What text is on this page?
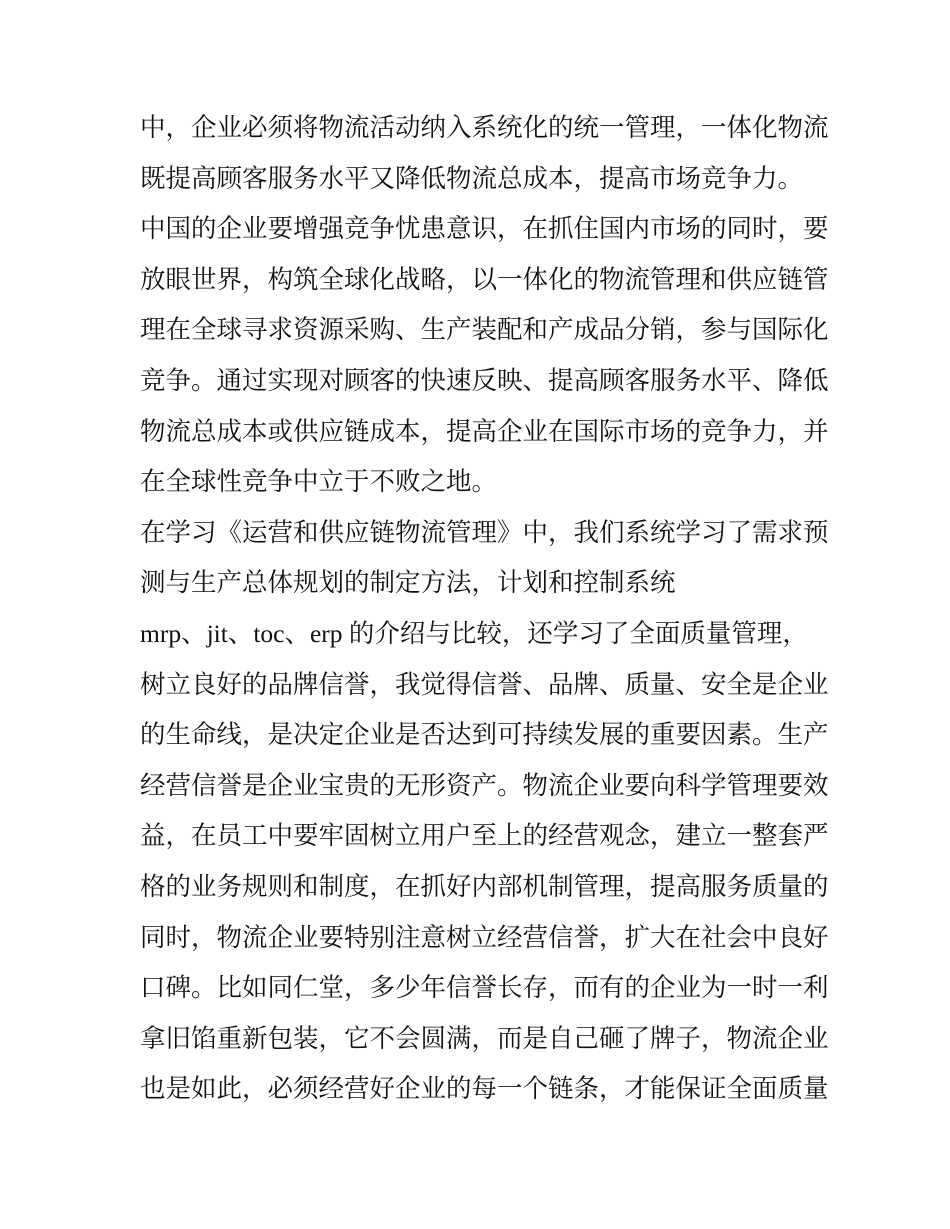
中，企业必须将物流活动纳入系统化的统一管理，一体化物流
既提高顾客服务水平又降低物流总成本，提高市场竞争力。
中国的企业要增强竞争忧患意识，在抓住国内市场的同时，要
放眼世界，构筑全球化战略，以一体化的物流管理和供应链管
理在全球寻求资源采购、生产装配和产成品分销，参与国际化
竞争。通过实现对顾客的快速反映、提高顾客服务水平、降低
物流总成本或供应链成本，提高企业在国际市场的竞争力，并
在全球性竞争中立于不败之地。
在学习《运营和供应链物流管理》中，我们系统学习了需求预
测与生产总体规划的制定方法，计划和控制系统
mrp、jit、toc、erp 的介绍与比较，还学习了全面质量管理，
树立良好的品牌信誉，我觉得信誉、品牌、质量、安全是企业
的生命线，是决定企业是否达到可持续发展的重要因素。生产
经营信誉是企业宝贵的无形资产。物流企业要向科学管理要效
益，在员工中要牢固树立用户至上的经营观念，建立一整套严
格的业务规则和制度，在抓好内部机制管理，提高服务质量的
同时，物流企业要特别注意树立经营信誉，扩大在社会中良好
口碑。比如同仁堂，多少年信誉长存，而有的企业为一时一利
拿旧馅重新包装，它不会圆满，而是自己砸了牌子，物流企业
也是如此，必须经营好企业的每一个链条，才能保证全面质量
